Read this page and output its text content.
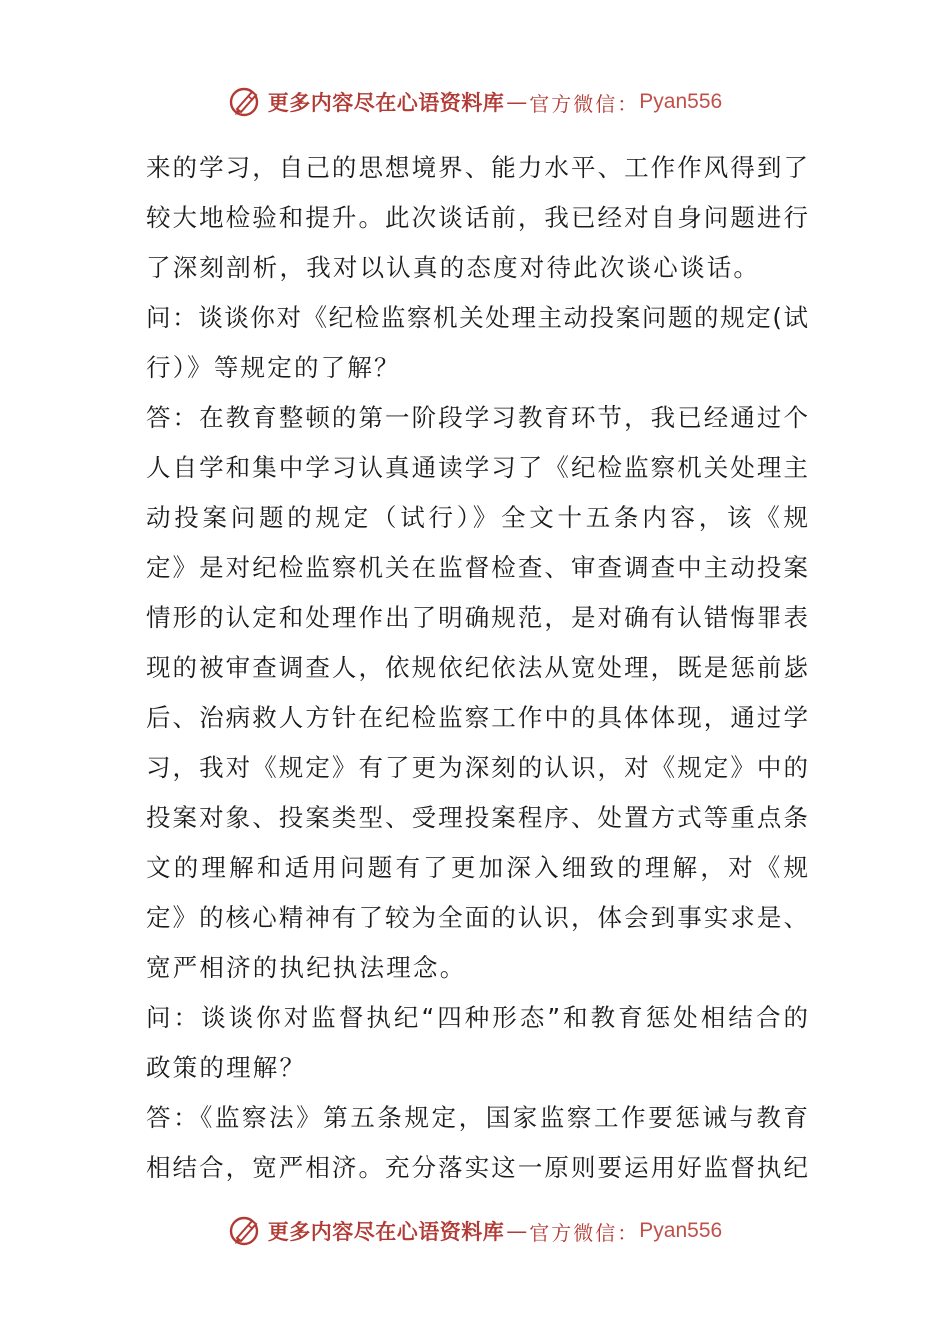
更多内容尽在心语资料库 — 官方微信： Pyan556
来的学习，自己的思想境界、能力水平、工作作风得到了
较大地检验和提升。此次谈话前，我已经对自身问题进行
了深刻剖析，我对以认真的态度对待此次谈心谈话。
问：谈谈你对《纪检监察机关处理主动投案问题的规定(试
行）》等规定的了解？
答：在教育整顿的第一阶段学习教育环节，我已经通过个
人自学和集中学习认真通读学习了《纪检监察机关处理主
动投案问题的规定（试行）》全文十五条内容，该《规
定》是对纪检监察机关在监督检查、审查调查中主动投案
情形的认定和处理作出了明确规范，是对确有认错悔罪表
现的被审查调查人，依规依纪依法从宽处理，既是惩前毖
后、治病救人方针在纪检监察工作中的具体体现，通过学
习，我对《规定》有了更为深刻的认识，对《规定》中的
投案对象、投案类型、受理投案程序、处置方式等重点条
文的理解和适用问题有了更加深入细致的理解，对《规
定》的核心精神有了较为全面的认识，体会到事实求是、
宽严相济的执纪执法理念。
问：谈谈你对监督执纪“四种形态”和教育惩处相结合的
政策的理解？
答：《监察法》第五条规定，国家监察工作要惩诫与教育
相结合，宽严相济。充分落实这一原则要运用好监督执纪
更多内容尽在心语资料库 — 官方微信： Pyan556
